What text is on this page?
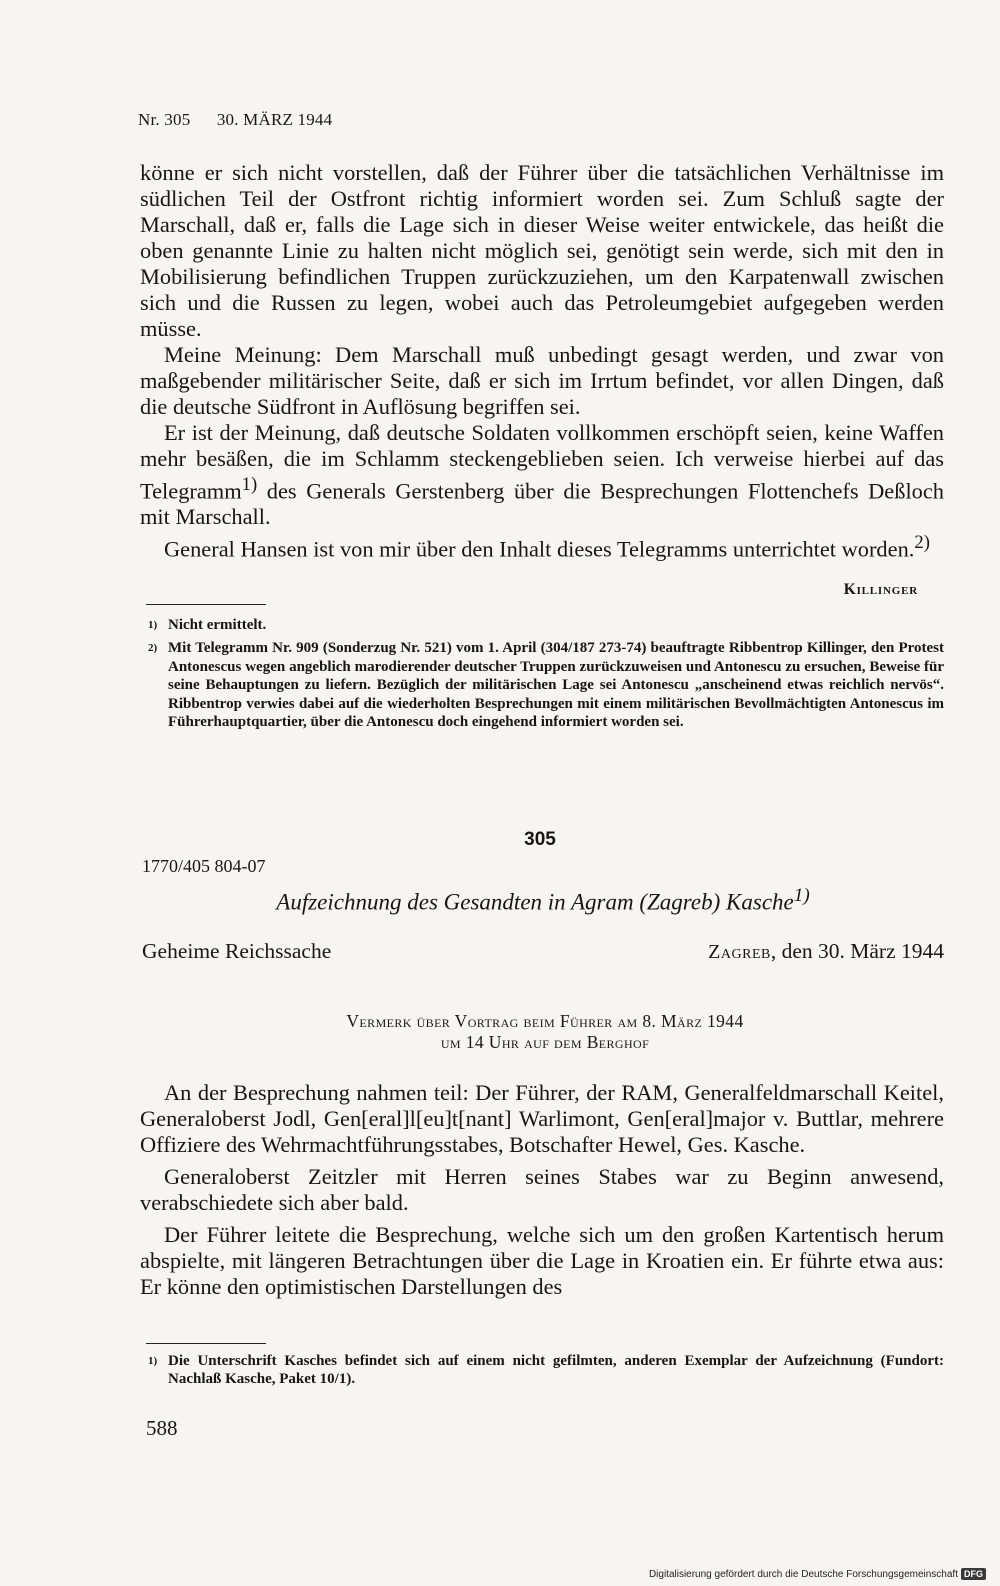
Nr. 305 30. MÄRZ 1944

könne er sich nicht vorstellen, daß der Führer über die tatsächlichen Verhältnisse im südlichen Teil der Ostfront richtig informiert worden sei. Zum Schluß sagte der Marschall, daß er, falls die Lage sich in dieser Weise weiter entwickele, das heißt die oben genannte Linie zu halten nicht möglich sei, genötigt sein werde, sich mit den in Mobilisierung befindlichen Truppen zurückzuziehen, um den Karpatenwall zwischen sich und die Russen zu legen, wobei auch das Petroleumgebiet aufgegeben werden müsse.

Meine Meinung: Dem Marschall muß unbedingt gesagt werden, und zwar von maßgebender militärischer Seite, daß er sich im Irrtum befindet, vor allen Dingen, daß die deutsche Südfront in Auflösung begriffen sei.

Er ist der Meinung, daß deutsche Soldaten vollkommen erschöpft seien, keine Waffen mehr besäßen, die im Schlamm steckengeblieben seien. Ich verweise hierbei auf das Telegramm$^{1)}$ des Generals Gerstenberg über die Besprechungen Flottenchefs Deßloch mit Marschall.

General Hansen ist von mir über den Inhalt dieses Telegramms unterrichtet worden.$^{2)}$

Killinger
$^{1)}$ Nicht ermittelt.
$^{2)}$ Mit Telegramm Nr. 909 (Sonderzug Nr. 521) vom 1. April (304/187 273-74) beauftragte Ribbentrop Killinger, den Protest Antonescus wegen angeblich marodierender deutscher Truppen zurückzuweisen und Antonescu zu ersuchen, Beweise für seine Behauptungen zu liefern. Bezüglich der militärischen Lage sei Antonescu „anscheinend etwas reichlich nervös“. Ribbentrop verwies dabei auf die wiederholten Besprechungen mit einem militärischen Bevollmächtigten Antonescus im Führerhauptquartier, über die Antonescu doch eingehend informiert worden sei.
305
1770/405 804-07
Aufzeichnung des Gesandten in Agram (Zagreb) Kasche$^{1)}$
Geheime Reichssache	Zagreb, den 30. März 1944
Vermerk über Vortrag beim Führer am 8. März 1944
um 14 Uhr auf dem Berghof

An der Besprechung nahmen teil: Der Führer, der RAM, Generalfeldmarschall Keitel, Generaloberst Jodl, Gen[eral]l[eu]t[nant] Warlimont, Gen[eral]major v. Buttlar, mehrere Offiziere des Wehrmachtführungsstabes, Botschafter Hewel, Ges. Kasche.

Generaloberst Zeitzler mit Herren seines Stabes war zu Beginn anwesend, verabschiedete sich aber bald.

Der Führer leitete die Besprechung, welche sich um den großen Kartentisch herum abspielte, mit längeren Betrachtungen über die Lage in Kroatien ein. Er führte etwa aus: Er könne den optimistischen Darstellungen des

$^{1)}$ Die Unterschrift Kasches befindet sich auf einem nicht gefilmten, anderen Exemplar der Aufzeichnung (Fundort: Nachlaß Kasche, Paket 10/1).
588
Digitalisierung gefördert durch die Deutsche Forschungsgemeinschaft DFG
